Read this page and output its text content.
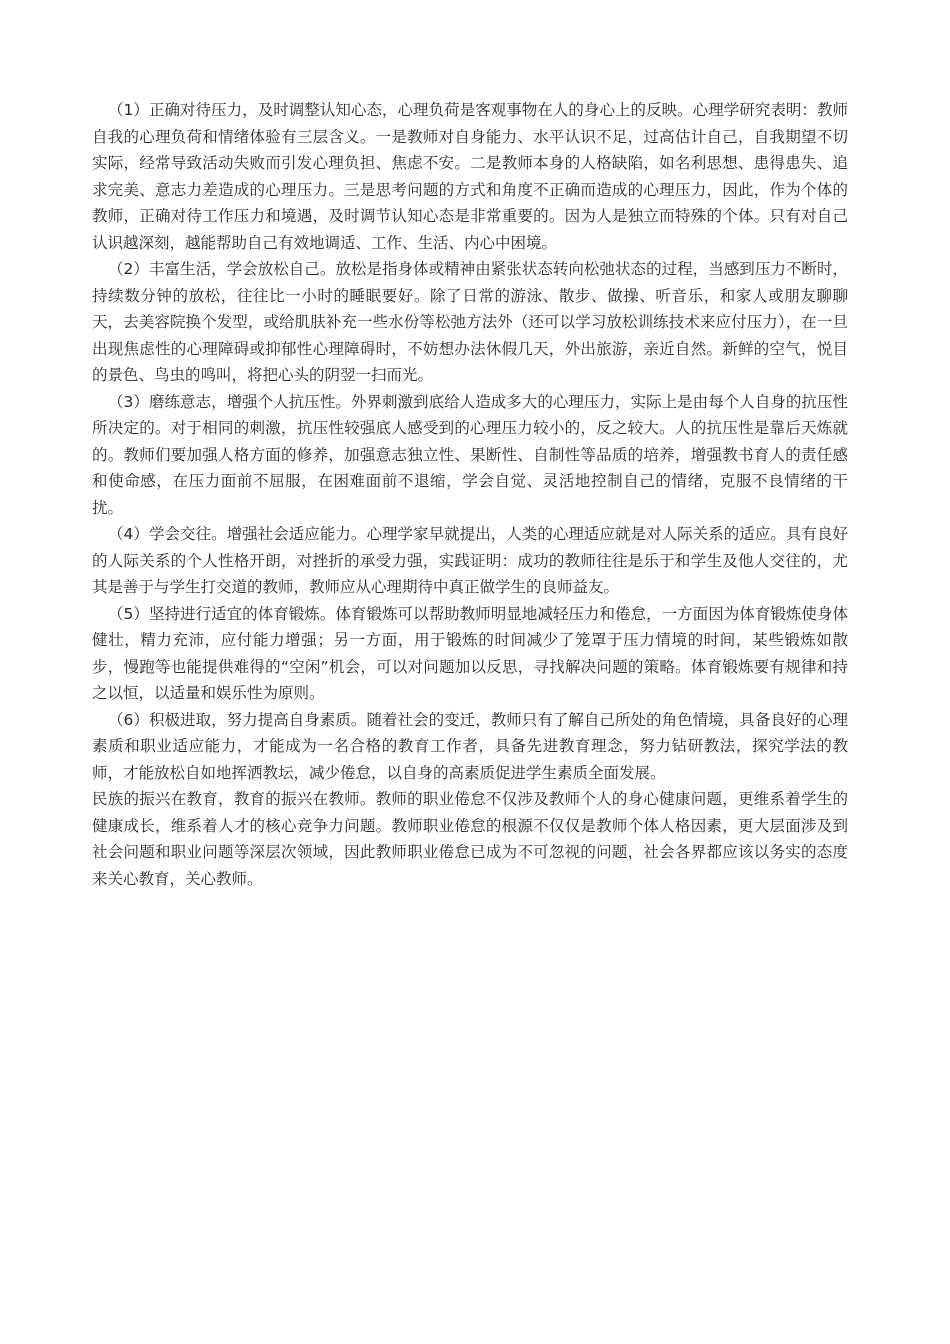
（1）正确对待压力，及时调整认知心态，心理负荷是客观事物在人的身心上的反映。心理学研究表明：教师自我的心理负荷和情绪体验有三层含义。一是教师对自身能力、水平认识不足，过高估计自己，自我期望不切实际，经常导致活动失败而引发心理负担、焦虑不安。二是教师本身的人格缺陷，如名利思想、患得患失、追求完美、意志力差造成的心理压力。三是思考问题的方式和角度不正确而造成的心理压力，因此，作为个体的教师，正确对待工作压力和境遇，及时调节认知心态是非常重要的。因为人是独立而特殊的个体。只有对自己认识越深刻，越能帮助自己有效地调适、工作、生活、内心中困境。

（2）丰富生活，学会放松自己。放松是指身体或精神由紧张状态转向松弛状态的过程，当感到压力不断时，持续数分钟的放松，往往比一小时的睡眠要好。除了日常的游泳、散步、做操、听音乐，和家人或朋友聊聊天，去美容院换个发型，或给肌肤补充一些水份等松弛方法外（还可以学习放松训练技术来应付压力），在一旦出现焦虑性的心理障碍或抑郁性心理障碍时，不妨想办法休假几天，外出旅游，亲近自然。新鲜的空气，悦目的景色、鸟虫的鸣叫，将把心头的阴翌一扫而光。

（3）磨练意志，增强个人抗压性。外界刺激到底给人造成多大的心理压力，实际上是由每个人自身的抗压性所决定的。对于相同的刺激，抗压性较强底人感受到的心理压力较小的，反之较大。人的抗压性是靠后天炼就的。教师们要加强人格方面的修养，加强意志独立性、果断性、自制性等品质的培养，增强教书育人的责任感和使命感，在压力面前不屈服，在困难面前不退缩，学会自觉、灵活地控制自己的情绪，克服不良情绪的干扰。

（4）学会交往。增强社会适应能力。心理学家早就提出，人类的心理适应就是对人际关系的适应。具有良好的人际关系的个人性格开朗，对挫折的承受力强，实践证明：成功的教师往往是乐于和学生及他人交往的，尤其是善于与学生打交道的教师，教师应从心理期待中真正做学生的良师益友。

（5）坚持进行适宜的体育锻炼。体育锻炼可以帮助教师明显地减轻压力和倦怠，一方面因为体育锻炼使身体健壮，精力充沛，应付能力增强；另一方面，用于锻炼的时间减少了笼罩于压力情境的时间，某些锻炼如散步，慢跑等也能提供难得的“空闲”机会，可以对问题加以反思，寻找解决问题的策略。体育锻炼要有规律和持之以恒，以适量和娱乐性为原则。

（6）积极进取，努力提高自身素质。随着社会的变迁，教师只有了解自己所处的角色情境，具备良好的心理素质和职业适应能力，才能成为一名合格的教育工作者，具备先进教育理念，努力钻研教法，探究学法的教师，才能放松自如地挥洒教坛，减少倦怠，以自身的高素质促进学生素质全面发展。

民族的振兴在教育，教育的振兴在教师。教师的职业倦怠不仅涉及教师个人的身心健康问题，更维系着学生的健康成长，维系着人才的核心竞争力问题。教师职业倦怠的根源不仅仅是教师个体人格因素，更大层面涉及到社会问题和职业问题等深层次领域，因此教师职业倦怠已成为不可忽视的问题，社会各界都应该以务实的态度来关心教育，关心教师。
